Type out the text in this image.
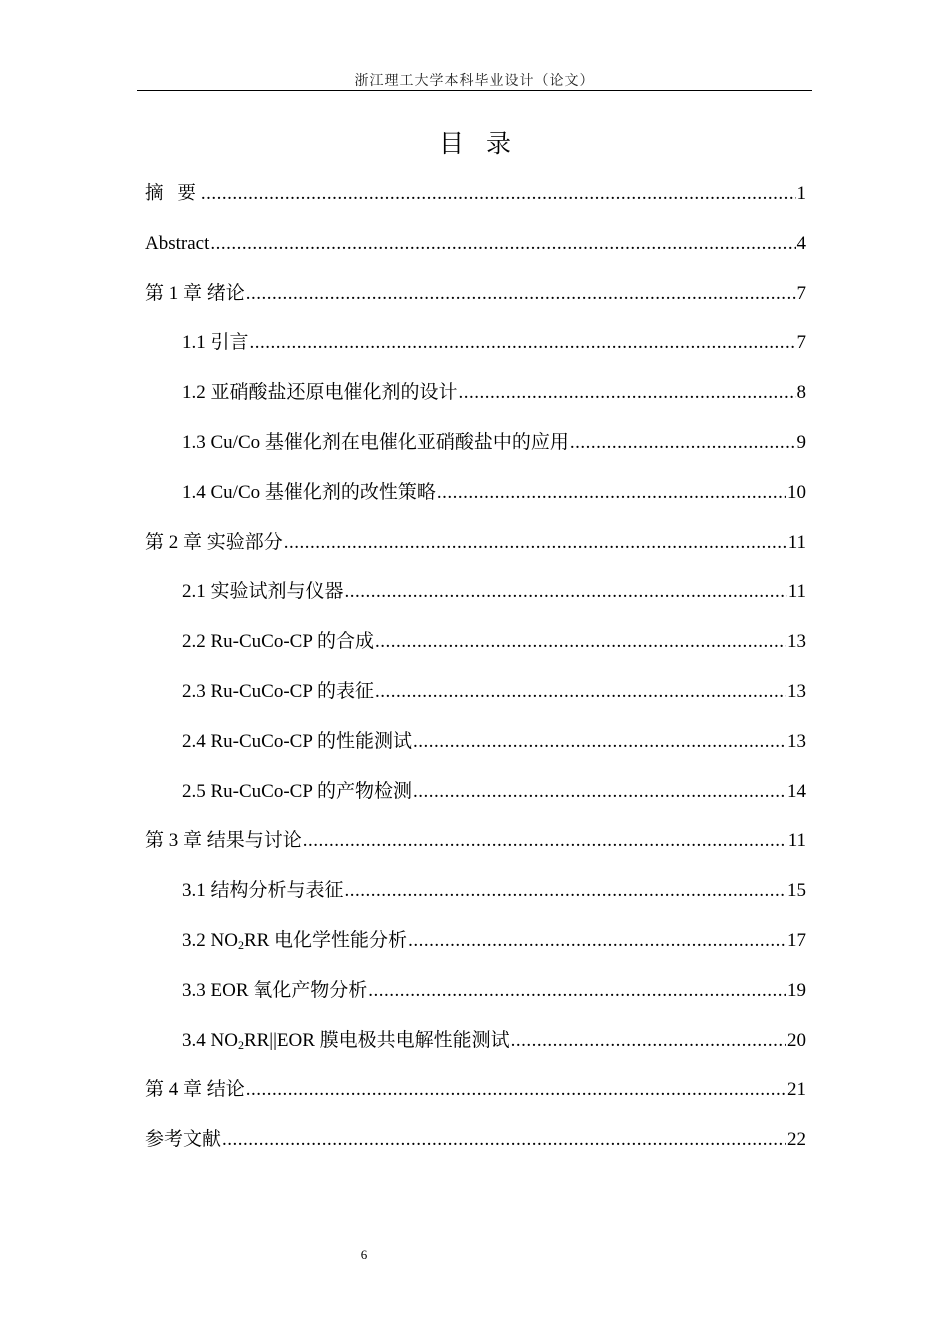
浙江理工大学本科毕业设计（论文）
目录
摘 要 .....	1
Abstract .....	4
第 1 章 绪论 .....	7
1.1 引言 .....	7
1.2 亚硝酸盐还原电催化剂的设计 .....	8
1.3 Cu/Co 基催化剂在电催化亚硝酸盐中的应用 .....	9
1.4 Cu/Co 基催化剂的改性策略 .....	10
第 2 章 实验部分 .....	11
2.1 实验试剂与仪器 .....	11
2.2 Ru-CuCo-CP 的合成 .....	13
2.3 Ru-CuCo-CP 的表征 .....	13
2.4 Ru-CuCo-CP 的性能测试 .....	13
2.5 Ru-CuCo-CP 的产物检测 .....	14
第 3 章 结果与讨论 .....	11
3.1 结构分析与表征 .....	15
3.2 $NO_2RR$ 电化学性能分析 .....	17
3.3 EOR 氧化产物分析 .....	19
3.4 $NO_2RR||EOR$ 膜电极共电解性能测试 .....	20
第 4 章 结论 .....	21
参考文献 .....	22
6
